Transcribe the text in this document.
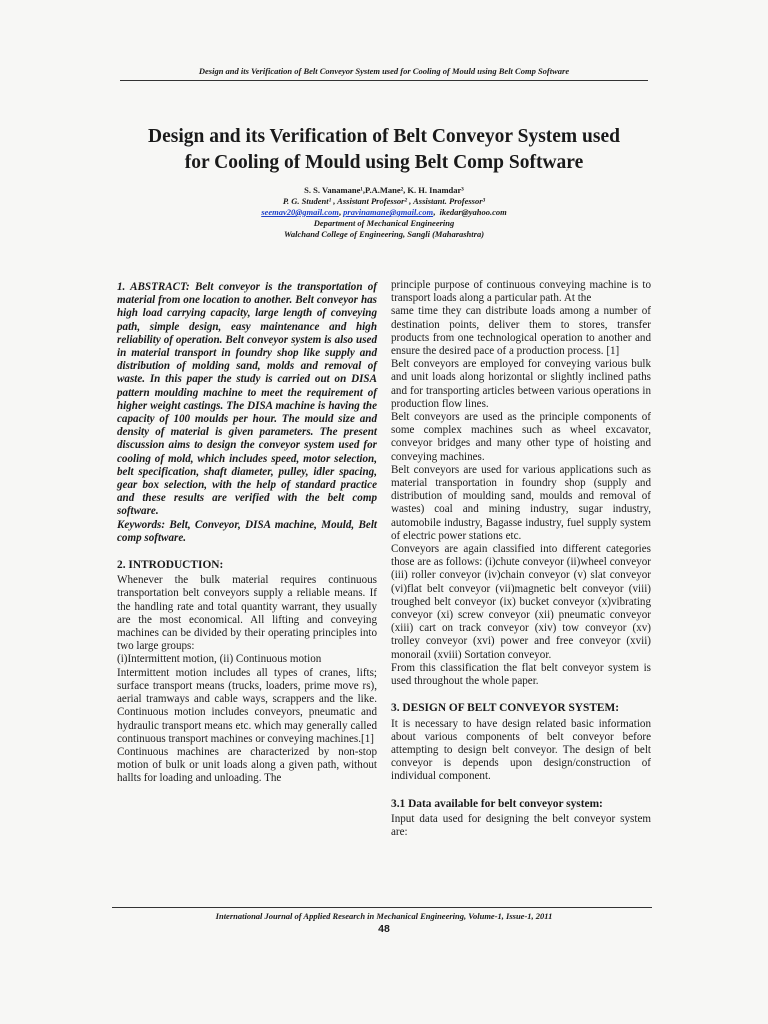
Design and its Verification of Belt Conveyor System used for Cooling of Mould using Belt Comp Software
Design and its Verification of Belt Conveyor System used
for Cooling of Mould using Belt Comp Software
S. S. Vanamane¹,P.A.Mane², K. H. Inamdar³
P. G. Student¹ , Assistant Professor² , Assistant. Professor³
seemav20@gmail.com, pravinamane@gmail.com,  ikedar@yahoo.com
Department of Mechanical Engineering
Walchand College of Engineering, Sangli (Maharashtra)

1. ABSTRACT: Belt conveyor is the transportation of material from one location to another. Belt conveyor has high load carrying capacity, large length of conveying path, simple design, easy maintenance and high reliability of operation. Belt conveyor system is also used in material transport in foundry shop like supply and distribution of molding sand, molds and removal of waste. In this paper the study is carried out on DISA pattern moulding machine to meet the requirement of higher weight castings. The DISA machine is having the capacity of 100 moulds per hour. The mould size and density of material is given parameters. The present discussion aims to design the conveyor system used for cooling of mold, which includes speed, motor selection, belt specification, shaft diameter, pulley, idler spacing, gear box selection, with the help of standard practice and these results are verified with the belt comp software.

Keywords: Belt, Conveyor, DISA machine, Mould, Belt comp software.

2. INTRODUCTION:

Whenever the bulk material requires continuous transportation belt conveyors supply a reliable means. If the handling rate and total quantity warrant, they usually are the most economical. All lifting and conveying machines can be divided by their operating principles into two large groups:

(i)Intermittent motion, (ii) Continuous motion

Intermittent motion includes all types of cranes, lifts; surface transport means (trucks, loaders, prime move rs), aerial tramways and cable ways, scrappers and the like. Continuous motion includes conveyors, pneumatic and hydraulic transport means etc. which may generally called continuous transport machines or conveying machines.[1]

Continuous machines are characterized by non-stop motion of bulk or unit loads along a given path, without hallts for loading and unloading. The

principle purpose of continuous conveying machine is to transport loads along a particular path. At the

same time they can distribute loads among a number of destination points, deliver them to stores, transfer products from one technological operation to another and ensure the desired pace of a production process. [1]

Belt conveyors are employed for conveying various bulk and unit loads along horizontal or slightly inclined paths and for transporting articles between various operations in production flow lines.

Belt conveyors are used as the principle components of some complex machines such as wheel excavator, conveyor bridges and many other type of hoisting and conveying machines.

Belt conveyors are used for various applications such as material transportation in foundry shop (supply and distribution of moulding sand, moulds and removal of wastes) coal and mining industry, sugar industry, automobile industry, Bagasse industry, fuel supply system of electric power stations etc.

Conveyors are again classified into different categories those are as follows: (i)chute conveyor (ii)wheel conveyor (iii) roller conveyor (iv)chain conveyor (v) slat conveyor (vi)flat belt conveyor (vii)magnetic belt conveyor (viii) troughed belt conveyor (ix) bucket conveyor (x)vibrating conveyor (xi) screw conveyor (xii) pneumatic conveyor (xiii) cart on track conveyor (xiv) tow conveyor (xv) trolley conveyor (xvi) power and free conveyor (xvii) monorail (xviii) Sortation conveyor.

From this classification the flat belt conveyor system is used throughout the whole paper.

3. DESIGN OF BELT CONVEYOR SYSTEM:

It is necessary to have design related basic information about various components of belt conveyor before attempting to design belt conveyor. The design of belt conveyor is depends upon design/construction of individual component.

3.1 Data available for belt conveyor system:

Input data used for designing the belt conveyor system are:

International Journal of Applied Research in Mechanical Engineering, Volume-1, Issue-1, 2011
48
